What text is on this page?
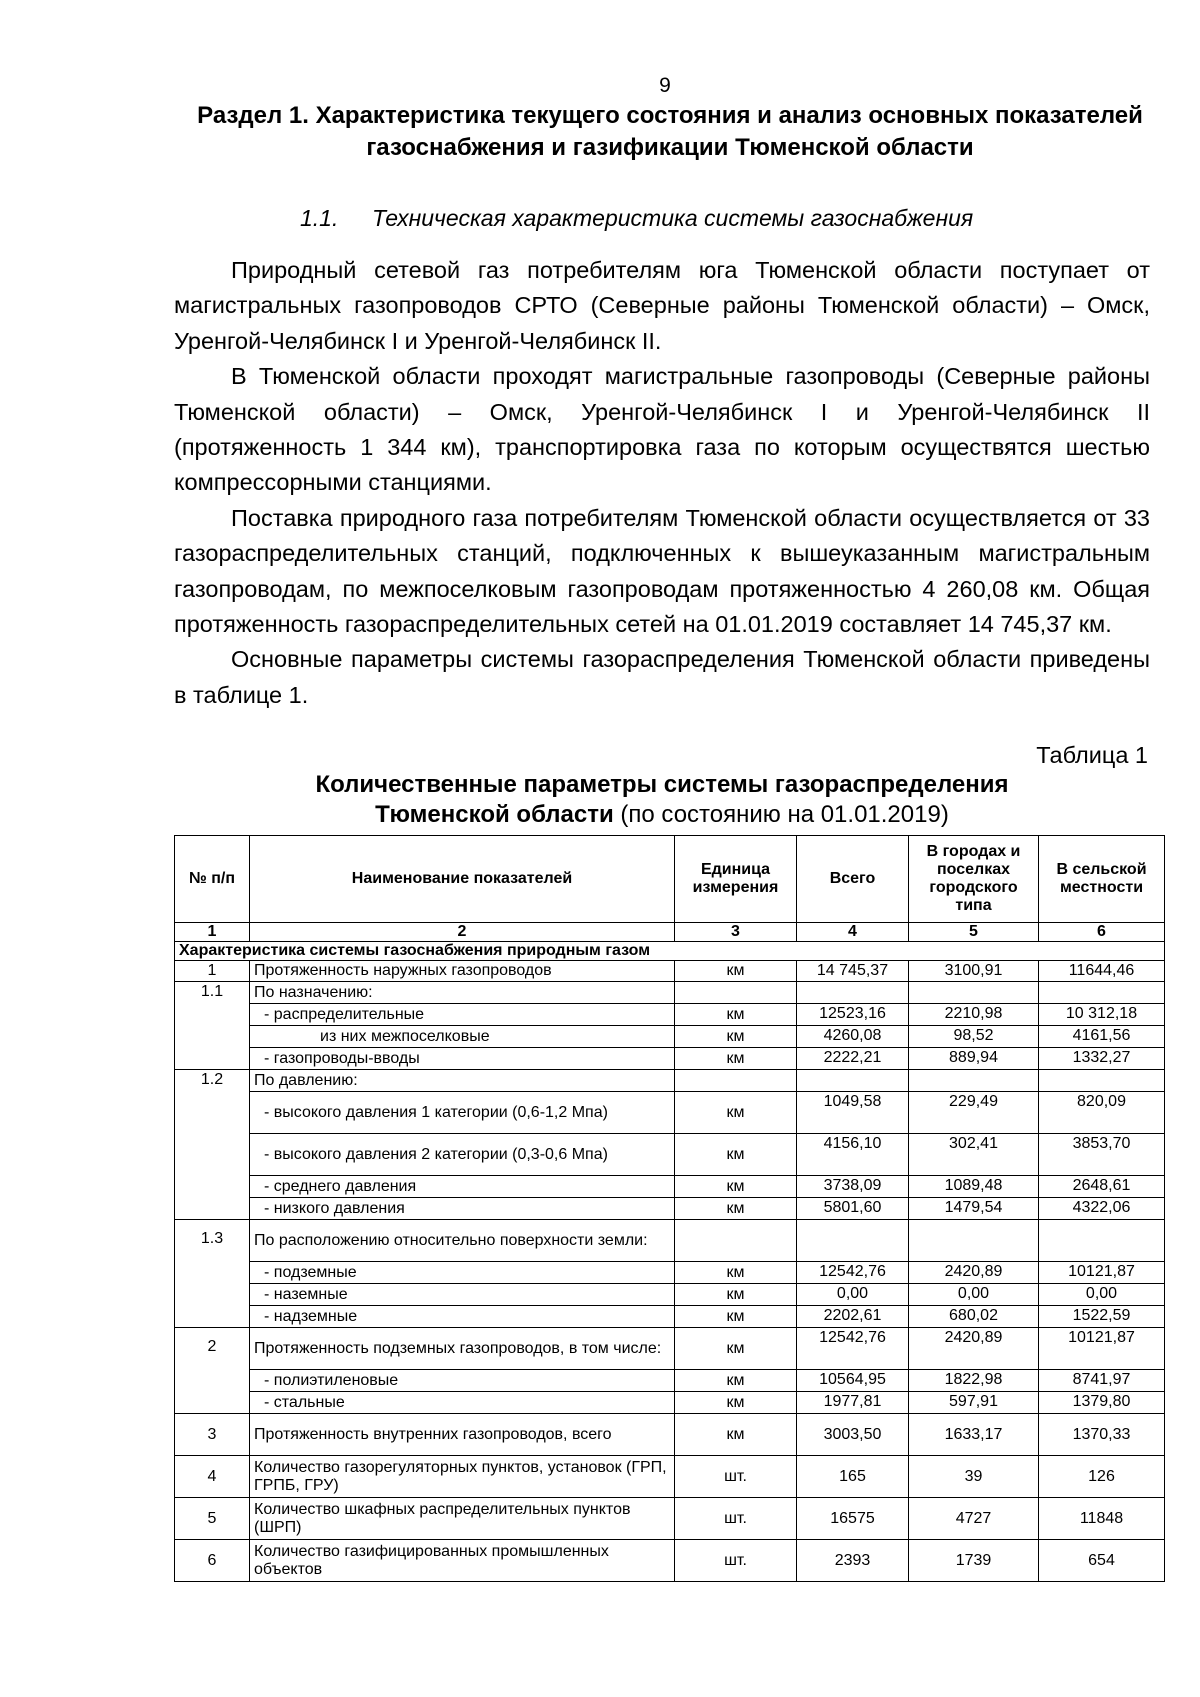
9
Раздел 1. Характеристика текущего состояния и анализ основных показателей газоснабжения и газификации Тюменской области
1.1. Техническая характеристика системы газоснабжения

Природный сетевой газ потребителям юга Тюменской области поступает от магистральных газопроводов СРТО (Северные районы Тюменской области) – Омск, Уренгой-Челябинск I и Уренгой-Челябинск II.

В Тюменской области проходят магистральные газопроводы (Северные районы Тюменской области) – Омск, Уренгой-Челябинск I и Уренгой-Челябинск II (протяженность 1 344 км), транспортировка газа по которым осуществятся шестью компрессорными станциями.

Поставка природного газа потребителям Тюменской области осуществляется от 33 газораспределительных станций, подключенных к вышеуказанным магистральным газопроводам, по межпоселковым газопроводам протяженностью 4 260,08 км. Общая протяженность газораспределительных сетей на 01.01.2019 составляет 14 745,37 км.

Основные параметры системы газораспределения Тюменской области приведены в таблице 1.

Таблица 1
Количественные параметры системы газораспределения
Тюменской области (по состоянию на 01.01.2019)
№ п/п	Наименование показателей	Единица измерения	Всего	В городах и поселках городского типа	В сельской местности
1	2	3	4	5	6
Характеристика системы газоснабжения природным газом					
1	Протяженность наружных газопроводов	км	14 745,37	3100,91	11644,46
1.1	По назначению:				
	- распределительные	км	12523,16	2210,98	10 312,18
	из них межпоселковые	км	4260,08	98,52	4161,56
	- газопроводы-вводы	км	2222,21	889,94	1332,27
1.2	По давлению:				
	- высокого давления 1 категории (0,6-1,2 Мпа)	км	1049,58	229,49	820,09
	- высокого давления 2 категории (0,3-0,6 Мпа)	км	4156,10	302,41	3853,70
	- среднего давления	км	3738,09	1089,48	2648,61
	- низкого давления	км	5801,60	1479,54	4322,06
1.3	По расположению относительно поверхности земли:				
	- подземные	км	12542,76	2420,89	10121,87
	- наземные	км	0,00	0,00	0,00
	- надземные	км	2202,61	680,02	1522,59
2	Протяженность подземных газопроводов, в том числе:	км	12542,76	2420,89	10121,87
	- полиэтиленовые	км	10564,95	1822,98	8741,97
	- стальные	км	1977,81	597,91	1379,80
3	Протяженность внутренних газопроводов, всего	км	3003,50	1633,17	1370,33
4	Количество газорегуляторных пунктов, установок (ГРП, ГРПБ, ГРУ)	шт.	165	39	126
5	Количество шкафных распределительных пунктов (ШРП)	шт.	16575	4727	11848
6	Количество газифицированных промышленных объектов	шт.	2393	1739	654
